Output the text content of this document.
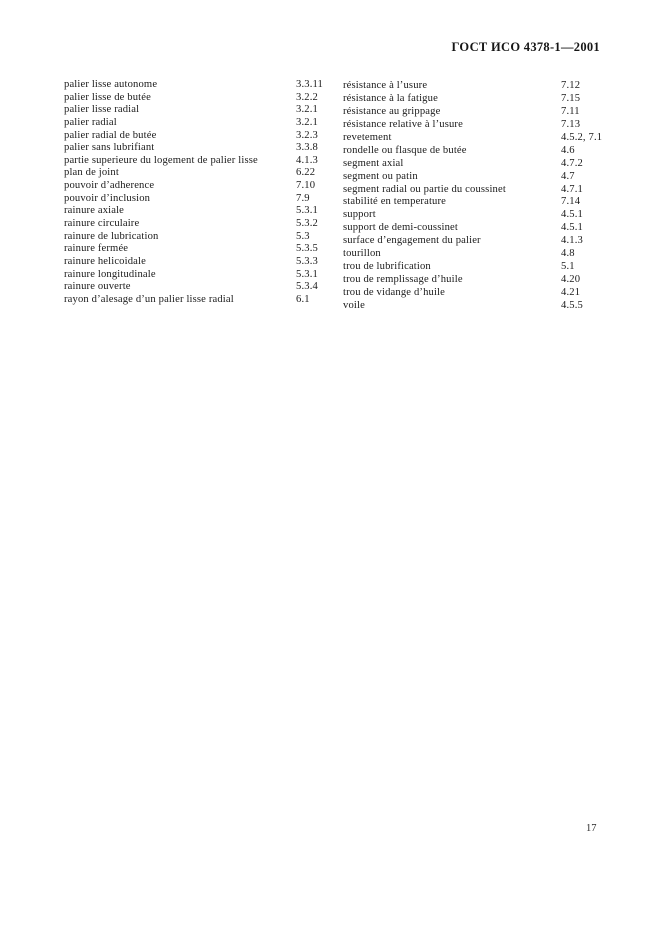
ГОСТ ИСО 4378-1—2001
palier lisse autonome	3.3.11
palier lisse de butée	3.2.2
palier lisse radial	3.2.1
palier radial	3.2.1
palier radial de butée	3.2.3
palier sans lubrifiant	3.3.8
partie superieure du logement de palier lisse	4.1.3
plan de joint	6.22
pouvoir d’adherence	7.10
pouvoir d’inclusion	7.9
rainure axiale	5.3.1
rainure circulaire	5.3.2
rainure de lubrication	5.3
rainure fermée	5.3.5
rainure helicoidale	5.3.3
rainure longitudinale	5.3.1
rainure ouverte	5.3.4
rayon d’alesage d’un palier lisse radial	6.1
résistance à l’usure	7.12
résistance à la fatigue	7.15
résistance au grippage	7.11
résistance relative à l’usure	7.13
revetement	4.5.2, 7.1
rondelle ou flasque de butée	4.6
segment axial	4.7.2
segment ou patin	4.7
segment radial ou partie du coussinet	4.7.1
stabilité en temperature	7.14
support	4.5.1
support de demi-coussinet	4.5.1
surface d’engagement du palier	4.1.3
tourillon	4.8
trou de lubrification	5.1
trou de remplissage d’huile	4.20
trou de vidange d’huile	4.21
voile	4.5.5
17
